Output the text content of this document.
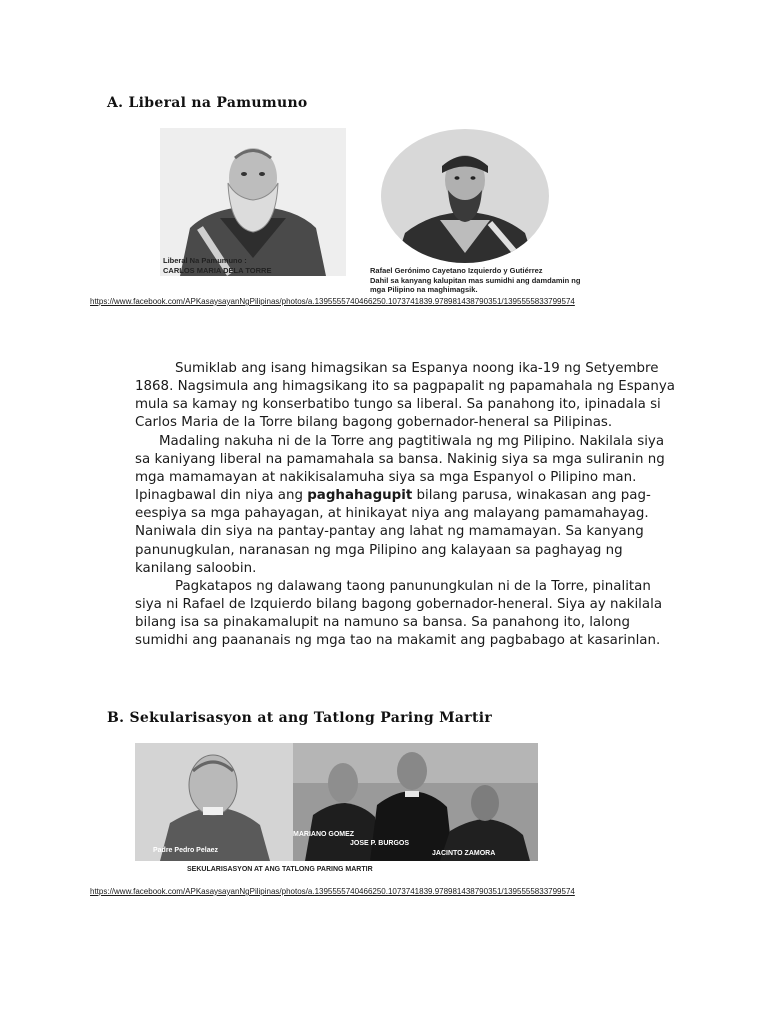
A. Liberal na Pamumuno
Liberal Na Pamumuno :
CARLOS MARIA DELA TORRE	Rafael Gerónimo Cayetano Izquierdo y Gutiérrez
Dahil sa kanyang kalupitan mas sumidhi ang damdamin ng
mga Pilipino na maghimagsik.
https://www.facebook.com/APKasaysayanNgPilipinas/photos/a.1395555740466250.1073741839.978981438790351/1395555833799574

Sumiklab ang isang himagsikan sa Espanya noong ika-19 ng Setyembre 1868. Nagsimula ang himagsikang ito sa pagpapalit ng papamahala ng Espanya mula sa kamay ng konserbatibo tungo sa liberal. Sa panahong ito, ipinadala si Carlos Maria de la Torre bilang bagong gobernador-heneral sa Pilipinas.

Madaling nakuha ni de la Torre ang pagtitiwala ng mg Pilipino. Nakilala siya sa kaniyang liberal na pamamahala sa bansa. Nakinig siya sa mga suliranin ng mga mamamayan at nakikisalamuha siya sa mga Espanyol o Pilipino man. Ipinagbawal din niya ang paghahagupit bilang parusa, winakasan ang pag-eespiya sa mga pahayagan, at hinikayat niya ang malayang pamamahayag. Naniwala din siya na pantay-pantay ang lahat ng mamamayan. Sa kanyang panunugkulan, naranasan ng mga Pilipino ang kalayaan sa paghayag ng kanilang saloobin.

Pagkatapos ng dalawang taong panunungkulan ni de la Torre, pinalitan siya ni Rafael de Izquierdo bilang bagong gobernador-heneral. Siya ay nakilala bilang isa sa pinakamalupit na namuno sa bansa. Sa panahong ito, lalong sumidhi ang paananais ng mga tao na makamit ang pagbabago at kasarinlan.

B. Sekularisasyon at ang Tatlong Paring Martir
Padre Pedro Pelaez
MARIANO GOMEZ
JOSE P. BURGOS
JACINTO ZAMORA
SEKULARISASYON AT ANG TATLONG PARING MARTIR
https://www.facebook.com/APKasaysayanNgPilipinas/photos/a.1395555740466250.1073741839.978981438790351/1395555833799574
